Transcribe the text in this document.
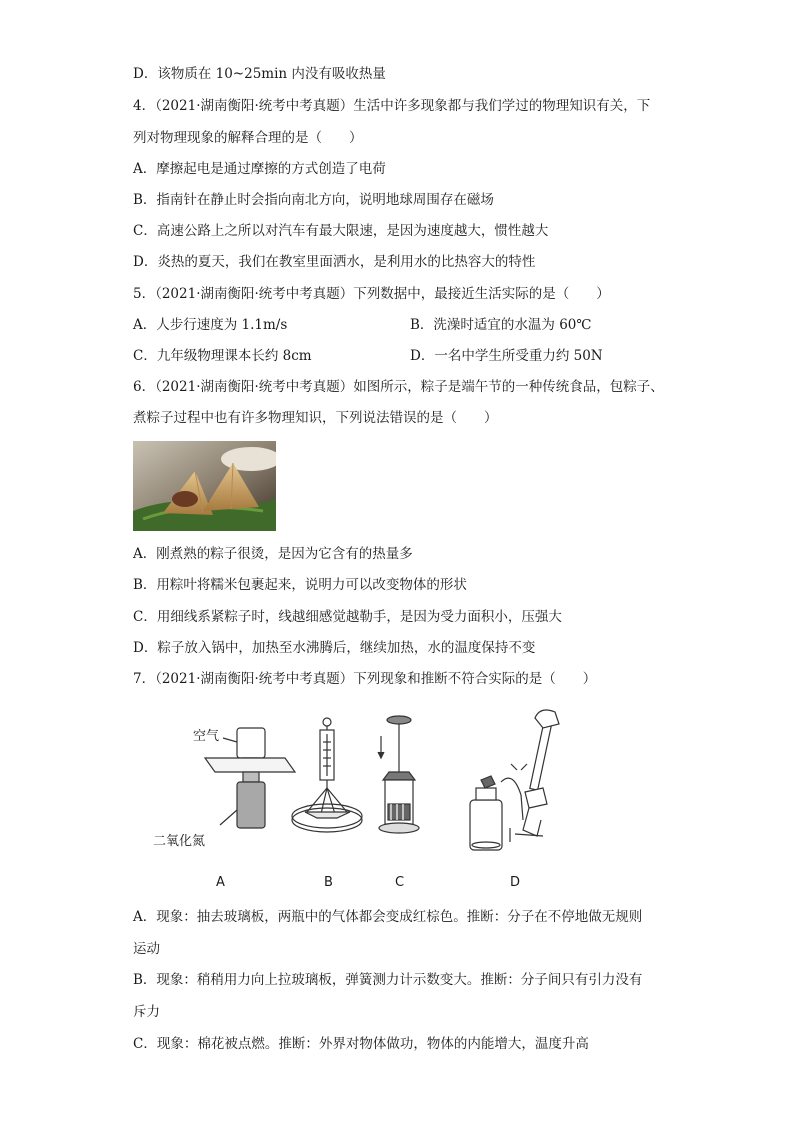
D．该物质在 10~25min 内没有吸收热量
4．（2021·湖南衡阳·统考中考真题）生活中许多现象都与我们学过的物理知识有关，下
列对物理现象的解释合理的是（　　）
A．摩擦起电是通过摩擦的方式创造了电荷
B．指南针在静止时会指向南北方向，说明地球周围存在磁场
C．高速公路上之所以对汽车有最大限速，是因为速度越大，惯性越大
D．炎热的夏天，我们在教室里面洒水，是利用水的比热容大的特性
5．（2021·湖南衡阳·统考中考真题）下列数据中，最接近生活实际的是（　　）
A．人步行速度为 1.1m/s	B．洗澡时适宜的水温为 60℃
C．九年级物理课本长约 8cm	D．一名中学生所受重力约 50N
6．（2021·湖南衡阳·统考中考真题）如图所示，粽子是端午节的一种传统食品，包粽子、
煮粽子过程中也有许多物理知识，下列说法错误的是（　　）
A．刚煮熟的粽子很烫，是因为它含有的热量多
B．用粽叶将糯米包裹起来，说明力可以改变物体的形状
C．用细线系紧粽子时，线越细感觉越勒手，是因为受力面积小，压强大
D．粽子放入锅中，加热至水沸腾后，继续加热，水的温度保持不变
7．（2021·湖南衡阳·统考中考真题）下列现象和推断不符合实际的是（　　）
空气
二氧化氮
A	B	C	D
A．现象：抽去玻璃板，两瓶中的气体都会变成红棕色。推断：分子在不停地做无规则
运动
B．现象：稍稍用力向上拉玻璃板，弹簧测力计示数变大。推断：分子间只有引力没有
斥力
C．现象：棉花被点燃。推断：外界对物体做功，物体的内能增大，温度升高
